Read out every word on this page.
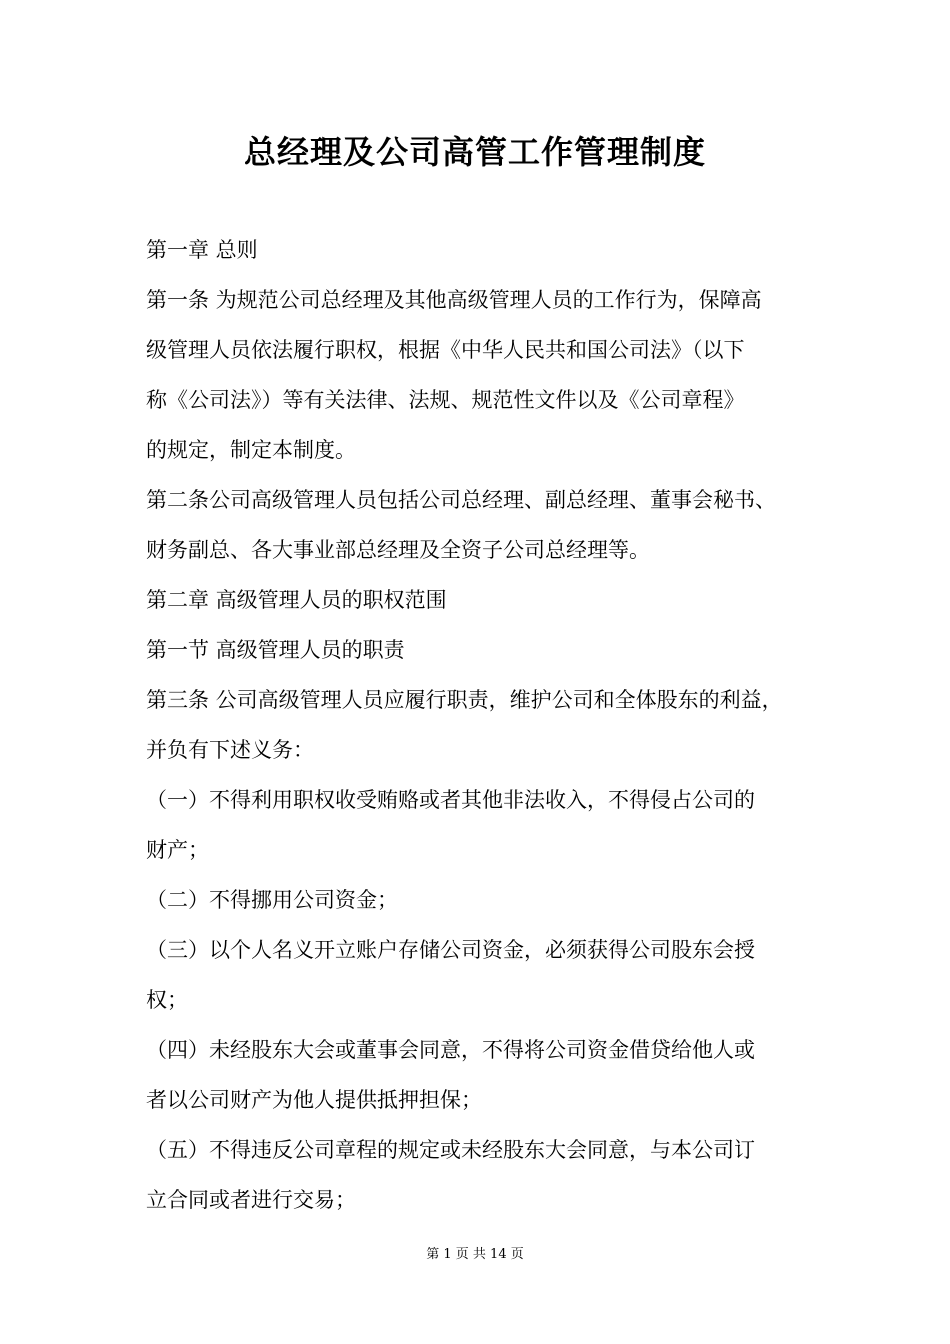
总经理及公司高管工作管理制度
第一章 总则
第一条 为规范公司总经理及其他高级管理人员的工作行为，保障高
级管理人员依法履行职权，根据《中华人民共和国公司法》（以下
称《公司法》）等有关法律、法规、规范性文件以及《公司章程》
的规定，制定本制度。
第二条公司高级管理人员包括公司总经理、副总经理、董事会秘书、
财务副总、各大事业部总经理及全资子公司总经理等。
第二章 高级管理人员的职权范围
第一节 高级管理人员的职责
第三条 公司高级管理人员应履行职责，维护公司和全体股东的利益，
并负有下述义务：
（一）不得利用职权收受贿赂或者其他非法收入，不得侵占公司的
财产；
（二）不得挪用公司资金；
（三）以个人名义开立账户存储公司资金，必须获得公司股东会授
权；
（四）未经股东大会或董事会同意，不得将公司资金借贷给他人或
者以公司财产为他人提供抵押担保；
（五）不得违反公司章程的规定或未经股东大会同意，与本公司订
立合同或者进行交易；
第 1 页 共 14 页
